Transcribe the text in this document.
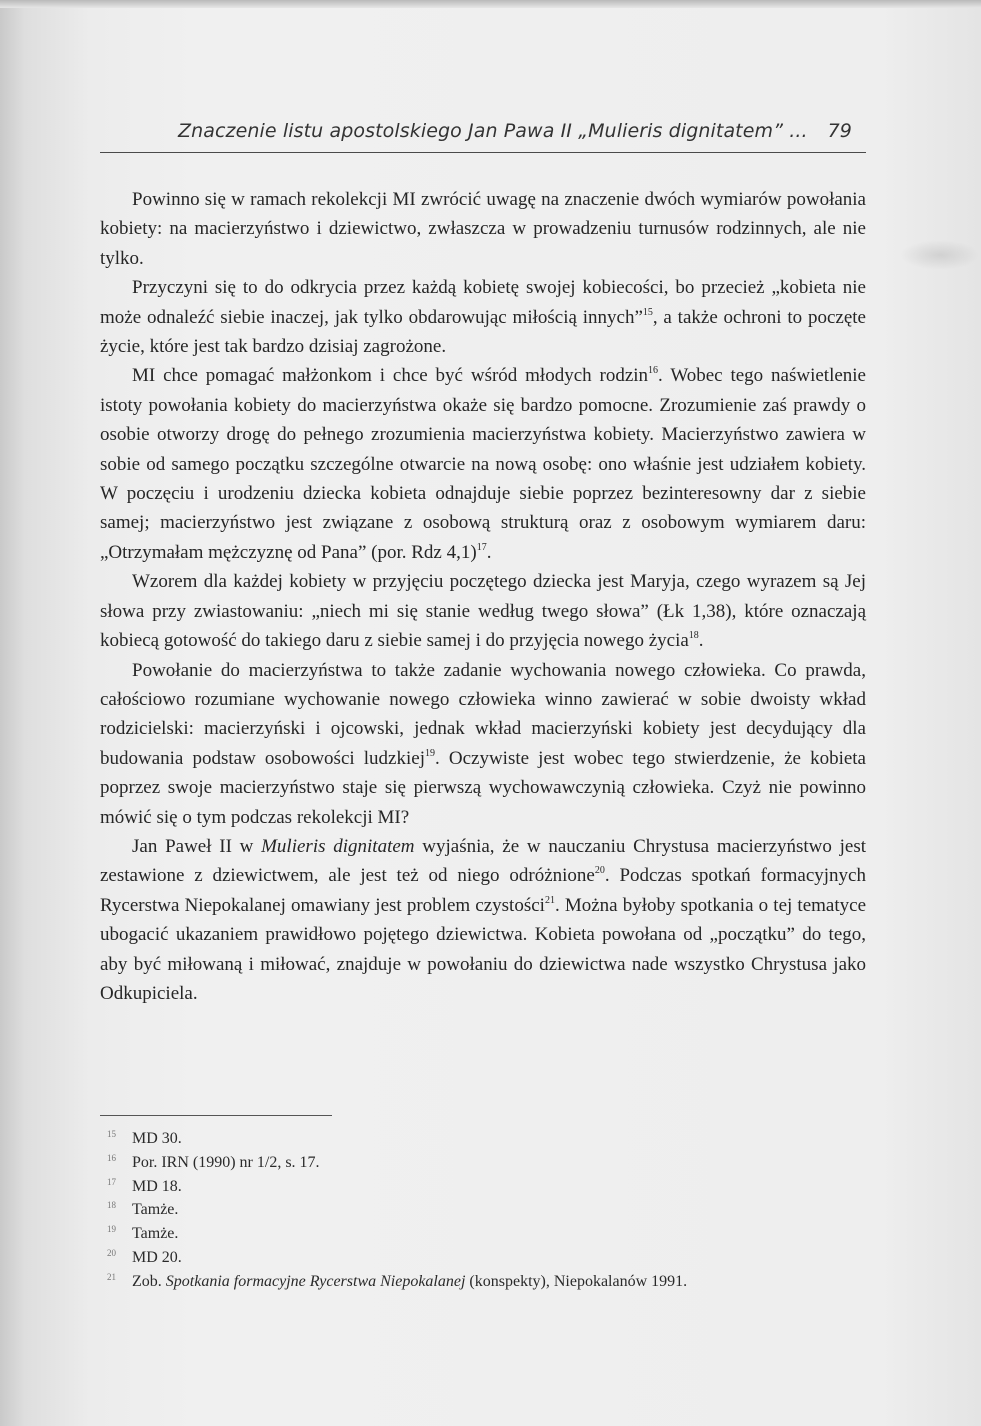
Znaczenie listu apostolskiego Jan Pawa II „Mulieris dignitatem” ... 79

Powinno się w ramach rekolekcji MI zwrócić uwagę na znaczenie dwóch wymiarów powołania kobiety: na macierzyństwo i dziewictwo, zwłaszcza w prowadzeniu turnusów rodzinnych, ale nie tylko.

Przyczyni się to do odkrycia przez każdą kobietę swojej kobiecości, bo przecież „kobieta nie może odnaleźć siebie inaczej, jak tylko obdarowując miłością innych”$^{15}$, a także ochroni to poczęte życie, które jest tak bardzo dzisiaj zagrożone.

MI chce pomagać małżonkom i chce być wśród młodych rodzin$^{16}$. Wobec tego naświetlenie istoty powołania kobiety do macierzyństwa okaże się bardzo pomocne. Zrozumienie zaś prawdy o osobie otworzy drogę do pełnego zrozumienia macierzyństwa kobiety. Macierzyństwo zawiera w sobie od samego początku szczególne otwarcie na nową osobę: ono właśnie jest udziałem kobiety. W poczęciu i urodzeniu dziecka kobieta odnajduje siebie poprzez bezinteresowny dar z siebie samej; macierzyństwo jest związane z osobową strukturą oraz z osobowym wymiarem daru: „Otrzymałam mężczyznę od Pana” (por. Rdz 4,1)$^{17}$.

Wzorem dla każdej kobiety w przyjęciu poczętego dziecka jest Maryja, czego wyrazem są Jej słowa przy zwiastowaniu: „niech mi się stanie według twego słowa” (Łk 1,38), które oznaczają kobiecą gotowość do takiego daru z siebie samej i do przyjęcia nowego życia$^{18}$.

Powołanie do macierzyństwa to także zadanie wychowania nowego człowieka. Co prawda, całościowo rozumiane wychowanie nowego człowieka winno zawierać w sobie dwoisty wkład rodzicielski: macierzyński i ojcowski, jednak wkład macierzyński kobiety jest decydujący dla budowania podstaw osobowości ludzkiej$^{19}$. Oczywiste jest wobec tego stwierdzenie, że kobieta poprzez swoje macierzyństwo staje się pierwszą wychowawczynią człowieka. Czyż nie powinno mówić się o tym podczas rekolekcji MI?

Jan Paweł II w Mulieris dignitatem wyjaśnia, że w nauczaniu Chrystusa macierzyństwo jest zestawione z dziewictwem, ale jest też od niego odróżnione$^{20}$. Podczas spotkań formacyjnych Rycerstwa Niepokalanej omawiany jest problem czystości$^{21}$. Można byłoby spotkania o tej tematyce ubogacić ukazaniem prawidłowo pojętego dziewictwa. Kobieta powołana od „początku” do tego, aby być miłowaną i miłować, znajduje w powołaniu do dziewictwa nade wszystko Chrystusa jako Odkupiciela.

15 MD 30.
16 Por. IRN (1990) nr 1/2, s. 17.
17 MD 18.
18 Tamże.
19 Tamże.
20 MD 20.
21 Zob. Spotkania formacyjne Rycerstwa Niepokalanej (konspekty), Niepokalanów 1991.
